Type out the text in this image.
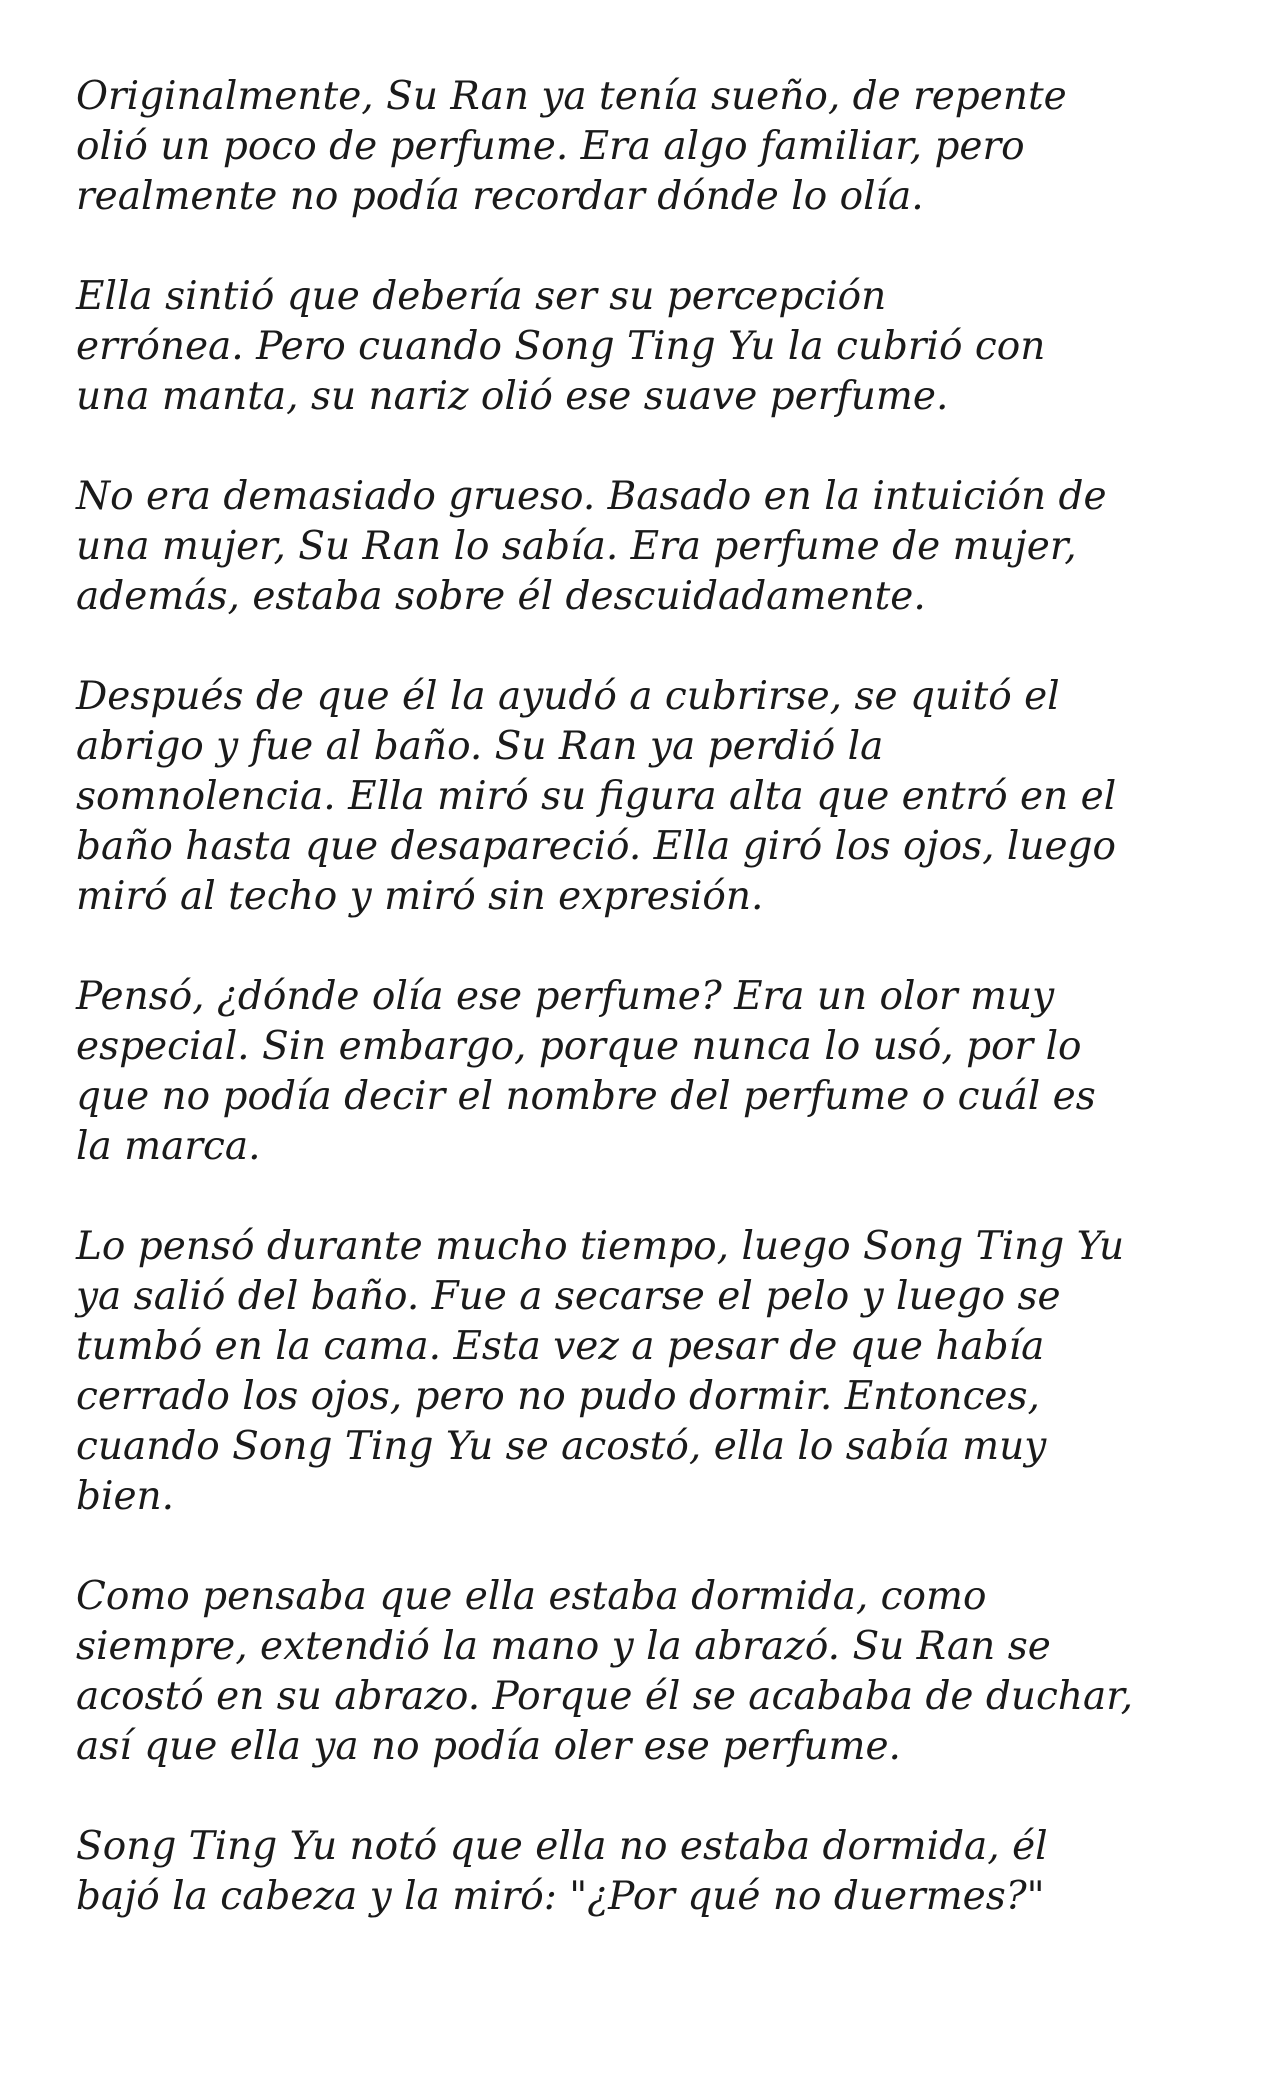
Originalmente, Su Ran ya tenía sueño, de repente
olió un poco de perfume. Era algo familiar, pero
realmente no podía recordar dónde lo olía.

Ella sintió que debería ser su percepción
errónea. Pero cuando Song Ting Yu la cubrió con
una manta, su nariz olió ese suave perfume.

No era demasiado grueso. Basado en la intuición de
una mujer, Su Ran lo sabía. Era perfume de mujer,
además, estaba sobre él descuidadamente.

Después de que él la ayudó a cubrirse, se quitó el
abrigo y fue al baño. Su Ran ya perdió la
somnolencia. Ella miró su figura alta que entró en el
baño hasta que desapareció. Ella giró los ojos, luego
miró al techo y miró sin expresión.

Pensó, ¿dónde olía ese perfume? Era un olor muy
especial. Sin embargo, porque nunca lo usó, por lo
que no podía decir el nombre del perfume o cuál es
la marca.

Lo pensó durante mucho tiempo, luego Song Ting Yu
ya salió del baño. Fue a secarse el pelo y luego se
tumbó en la cama. Esta vez a pesar de que había
cerrado los ojos, pero no pudo dormir. Entonces,
cuando Song Ting Yu se acostó, ella lo sabía muy
bien.

Como pensaba que ella estaba dormida, como
siempre, extendió la mano y la abrazó. Su Ran se
acostó en su abrazo. Porque él se acababa de duchar,
así que ella ya no podía oler ese perfume.

Song Ting Yu notó que ella no estaba dormida, él
bajó la cabeza y la miró: "¿Por qué no duermes?"
